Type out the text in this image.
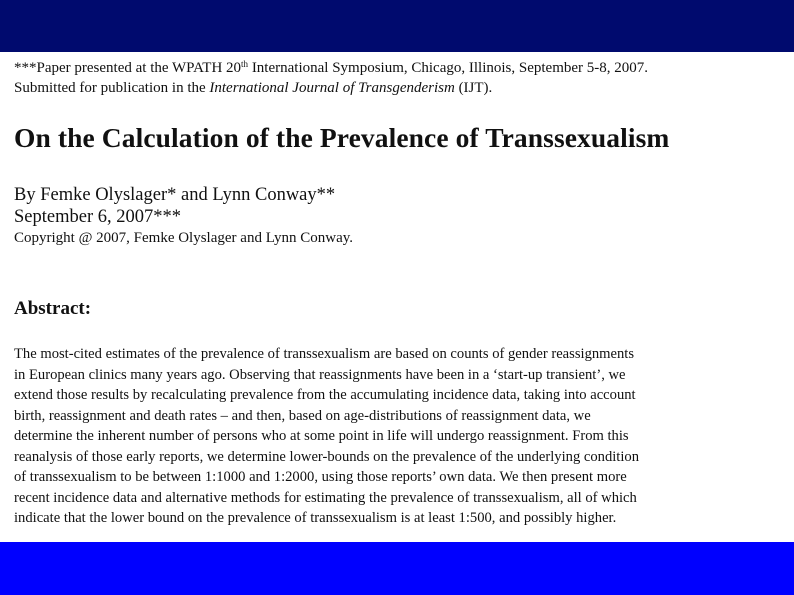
***Paper presented at the WPATH 20th International Symposium, Chicago, Illinois, September 5-8, 2007.
Submitted for publication in the International Journal of Transgenderism (IJT).
On the Calculation of the Prevalence of Transsexualism
By Femke Olyslager* and Lynn Conway**
September 6, 2007***
Copyright @ 2007, Femke Olyslager and Lynn Conway.
Abstract:
The most-cited estimates of the prevalence of transsexualism are based on counts of gender reassignments
in European clinics many years ago. Observing that reassignments have been in a ‘start-up transient’, we
extend those results by recalculating prevalence from the accumulating incidence data, taking into account
birth, reassignment and death rates – and then, based on age-distributions of reassignment data, we
determine the inherent number of persons who at some point in life will undergo reassignment. From this
reanalysis of those early reports, we determine lower-bounds on the prevalence of the underlying condition
of transsexualism to be between 1:1000 and 1:2000, using those reports’ own data. We then present more
recent incidence data and alternative methods for estimating the prevalence of transsexualism, all of which
indicate that the lower bound on the prevalence of transsexualism is at least 1:500, and possibly higher.
